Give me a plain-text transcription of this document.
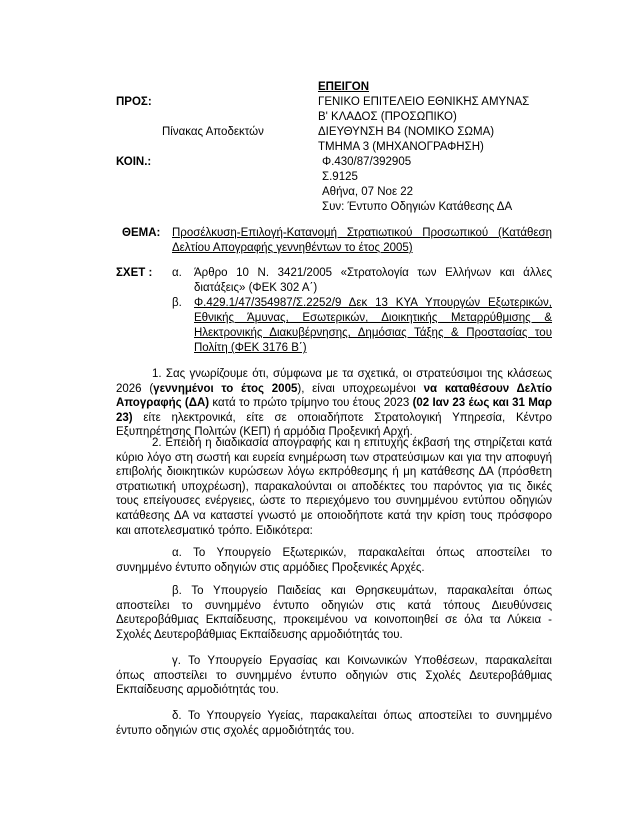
ΕΠΕΙΓΟΝ
ΠΡΟΣ:	ΓΕΝΙΚΟ ΕΠΙΤΕΛΕΙΟ ΕΘΝΙΚΗΣ ΑΜΥΝΑΣ
Β' ΚΛΑΔΟΣ (ΠΡΟΣΩΠΙΚΟ)
Πίνακας Αποδεκτών	ΔΙΕΥΘΥΝΣΗ Β4 (ΝΟΜΙΚΟ ΣΩΜΑ)
ΤΜΗΜΑ 3 (ΜΗΧΑΝΟΓΡΑΦΗΣΗ)
ΚΟΙΝ.:	Φ.430/87/392905
Σ.9125
Αθήνα, 07 Νοε 22
Συν: Έντυπο Οδηγιών Κατάθεσης ΔΑ
ΘΕΜΑ: Προσέλκυση-Επιλογή-Κατανομή Στρατιωτικού Προσωπικού (Κατάθεση
Δελτίου Απογραφής γεννηθέντων το έτος 2005)
ΣΧΕΤ : α. Άρθρο 10 Ν. 3421/2005 «Στρατολογία των Ελλήνων και άλλες
διατάξεις» (ΦΕΚ 302 Α΄)
β. Φ.429.1/47/354987/Σ.2252/9 Δεκ 13 ΚΥΑ Υπουργών Εξωτερικών,
Εθνικής Άμυνας, Εσωτερικών, Διοικητικής Μεταρρύθμισης &
Ηλεκτρονικής Διακυβέρνησης, Δημόσιας Τάξης & Προστασίας του
Πολίτη (ΦΕΚ 3176 Β΄)
1. Σας γνωρίζουμε ότι, σύμφωνα με τα σχετικά, οι στρατεύσιμοι της κλάσεως 2026 (γεννημένοι το έτος 2005), είναι υποχρεωμένοι να καταθέσουν Δελτίο Απογραφής (ΔΑ) κατά το πρώτο τρίμηνο του έτους 2023 (02 Ιαν 23 έως και 31 Μαρ 23) είτε ηλεκτρονικά, είτε σε οποιαδήποτε Στρατολογική Υπηρεσία, Κέντρο Εξυπηρέτησης Πολιτών (ΚΕΠ) ή αρμόδια Προξενική Αρχή.
2. Επειδή η διαδικασία απογραφής και η επιτυχής έκβασή της στηρίζεται κατά κύριο λόγο στη σωστή και ευρεία ενημέρωση των στρατεύσιμων και για την αποφυγή επιβολής διοικητικών κυρώσεων λόγω εκπρόθεσμης ή μη κατάθεσης ΔΑ (πρόσθετη στρατιωτική υποχρέωση), παρακαλούνται οι αποδέκτες του παρόντος για τις δικές τους επείγουσες ενέργειες, ώστε το περιεχόμενο του συνημμένου εντύπου οδηγιών κατάθεσης ΔΑ να καταστεί γνωστό με οποιοδήποτε κατά την κρίση τους πρόσφορο και αποτελεσματικό τρόπο. Ειδικότερα:
α. Το Υπουργείο Εξωτερικών, παρακαλείται όπως αποστείλει το συνημμένο έντυπο οδηγιών στις αρμόδιες Προξενικές Αρχές.
β. Το Υπουργείο Παιδείας και Θρησκευμάτων, παρακαλείται όπως αποστείλει το συνημμένο έντυπο οδηγιών στις κατά τόπους Διευθύνσεις Δευτεροβάθμιας Εκπαίδευσης, προκειμένου να κοινοποιηθεί σε όλα τα Λύκεια - Σχολές Δευτεροβάθμιας Εκπαίδευσης αρμοδιότητάς του.
γ. Το Υπουργείο Εργασίας και Κοινωνικών Υποθέσεων, παρακαλείται όπως αποστείλει το συνημμένο έντυπο οδηγιών στις Σχολές Δευτεροβάθμιας Εκπαίδευσης αρμοδιότητάς του.
δ. Το Υπουργείο Υγείας, παρακαλείται όπως αποστείλει το συνημμένο έντυπο οδηγιών στις σχολές αρμοδιότητάς του.
